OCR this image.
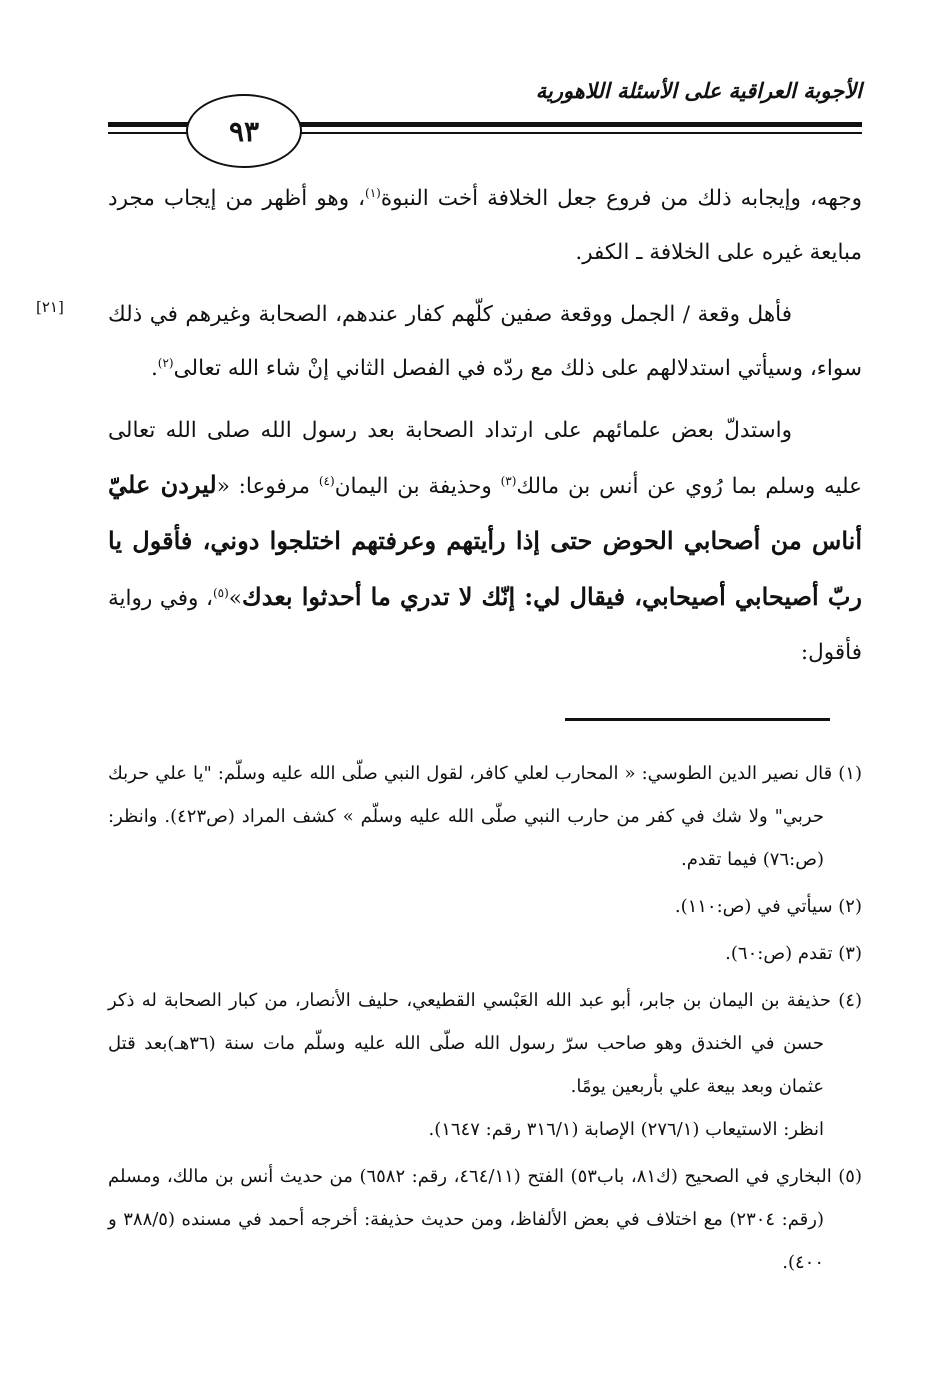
الأجوبة العراقية على الأسئلة اللاهورية
٩٣
[٢١]

وجهه، وإيجابه ذلك من فروع جعل الخلافة أخت النبوة$^{(١)}$، وهو أظهر من إيجاب مجرد مبايعة غيره على الخلافة ـ الكفر.

فأهل وقعة / الجمل ووقعة صفين كلّهم كفار عندهم، الصحابة وغيرهم في ذلك سواء، وسيأتي استدلالهم على ذلك مع ردّه في الفصل الثاني إنْ شاء الله تعالى$^{(٢)}$.

واستدلّ بعض علمائهم على ارتداد الصحابة بعد رسول الله صلى الله تعالى عليه وسلم بما رُوي عن أنس بن مالك$^{(٣)}$ وحذيفة بن اليمان$^{(٤)}$ مرفوعا: «ليردن عليّ أناس من أصحابي الحوض حتى إذا رأيتهم وعرفتهم اختلجوا دوني، فأقول يا ربّ أصيحابي أصيحابي، فيقال لي: إنّك لا تدري ما أحدثوا بعدك»$^{(٥)}$، وفي رواية فأقول:

(١) قال نصير الدين الطوسي: « المحارب لعلي كافر، لقول النبي صلّى الله عليه وسلّم: "يا علي حربك حربي" ولا شك في كفر من حارب النبي صلّى الله عليه وسلّم » كشف المراد (ص٤٢٣). وانظر: (ص:٧٦) فيما تقدم.

(٢) سيأتي في (ص:١١٠).

(٣) تقدم (ص:٦٠).

(٤) حذيفة بن اليمان بن جابر، أبو عبد الله العَبْسي القطيعي، حليف الأنصار، من كبار الصحابة له ذكر حسن في الخندق وهو صاحب سرّ رسول الله صلّى الله عليه وسلّم مات سنة (٣٦هـ)بعد قتل عثمان وبعد بيعة علي بأربعين يومًا.
انظر: الاستيعاب (٢٧٦/١) الإصابة (٣١٦/١ رقم: ١٦٤٧).

(٥) البخاري في الصحيح (ك٨١، باب٥٣) الفتح (٤٦٤/١١، رقم: ٦٥٨٢) من حديث أنس بن مالك، ومسلم (رقم: ٢٣٠٤) مع اختلاف في بعض الألفاظ، ومن حديث حذيفة: أخرجه أحمد في مسنده (٣٨٨/٥ و ٤٠٠).
